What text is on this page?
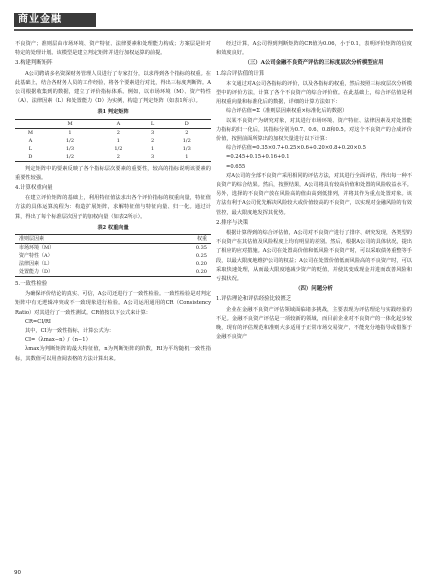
商业金融

不良资产；准则层由市场环境、资产特征、法律要素和处理能力构成；方案层是针对特定的处理计划。该模型是建立判定矩阵并进行加权运算的前提。

3.构建判断矩阵

A公司聘请多名资深财务管理人员进行了专家打分，以求得到各个指标的权重。在此基础上，结合各财务人员的工作经验，将各个要素进行对比，得出三标度判断阵。A公司根据收集到的数据，建立了评价指标体系。例如，以市场环境（M）、资产特性（A）、法律因素（L）和处置能力（D）为实例，构造了判定矩阵（如表1所示）。

表1 判定矩阵
	M	A	L	D
M	1	2	3	2
A	1/2	1	2	1/2
L	1/3	1/2	1	1/3
D	1/2	2	3	1

判定矩阵中的要素反映了各个指标层次要素的重要性，较高的指标说明该要素的重要性较强。

4.计算权重向量

在建立评价矩阵的基础上，利用特征值法求出各个评价指标的权重向量，特征值方法的具体运算流程为：构造扩展矩阵，求解特征值与特征向量、归一化。通过计算，得出了每个标准层次因子的加权向量（如表2所示）。

表2 权重向量
准则层因素	权重
市场环境（M）	0.35
资产特性（A）	0.25
法律因素（L）	0.20
处置能力（D）	0.20
5.一致性检验

为确保评价结论的真实、可信，A公司还进行了一致性检验。一致性检验是对判定矩阵中有无逻辑冲突或不一致现象进行检验。A公司运用通用的CR（Consistency Ratio）对其进行了一致性测试。CR值按以下公式来计算：

CR=CI/RI

其中，CI为一致性指标，计算公式为：

CI=（λmax−n）/（n−1）

λmax为判断矩阵的最大特征值，n为判断矩阵的阶数，RI为平均随机一致性指标，其数值可以用查阅表格的方法计算出来。

经过计算，A公司得到判断矩阵的CR值为0.06，小于0.1，表明评价矩阵的信度和效度良好。

（三）A公司金融不良资产评估的三标度层次分析模型应用
1.综合评估值的计算

本文通过对A公司各指标的评价，以及各指标的权重，然后按照三标度层次分析模型中的评价方法，计算了各个不良资产的综合评价值。在此基础上，综合评估值是利用权重向量和标准化后的数据，详细的计算方法如下：

综合评估值=Σ（准则层因素权重×标准化后的数据）

以某不良资产为研究对象，对其进行市场环境、资产特征、法律因素及对处置能力指标的归一化后，其指标分别为0.7、0.6、0.8和0.5。对这个不良资产的合成评价价值，按照前面所算出的加权矢量进行以下计算：

综合评估值=0.35×0.7+0.25×0.6+0.20×0.8+0.20×0.5

=0.245+0.15+0.16+0.1

=0.655

对A公司的全部不良资产采用相同的评估方法，对其进行全面评估，得出每一种不良资产的综合结果。然后，按照结果，A公司将具有较高价值和处置的风险收益水平。另外，选择的不良资产放在风险高的值由高到低排列，并将其作为重点处置对象。该方法有利于A公司优先解决风险较大或价值较高的不良资产，以实现对金融风险的有效管控，最大限度地发挥其优势。

2.排序与决策

根据计算得到的综合评估值，A公司对不良资产进行了排序、研究发现，各类型的不良资产在其估值及风险程度上均有明显的差别。然后，根据A公司的具体状况，提出了相应的应对措施。A公司在处置高价值和低风险不良资产时，可以采取债务重整等手段，以最大限度地维护公司的权益；A公司在处置价值低而风险高的不良资产时，可以采取快速处理，从而最大限度地减少资产的贬值，并使其变成现金并进而改善风险和亏损状况。

（四）问题分析
1.评估理论和评估经验比较匮乏

企业在金融不良资产评估领域面临诸多挑战，主要表现为评估理论与实践经验的不足。金融不良资产评估是一项较新的领域，而目前企业对不良资产的一体化起步较晚，现有的评估规范和准则大多适用于正常市场交易资产，不能充分地指导或借鉴于金融不良资产

90
